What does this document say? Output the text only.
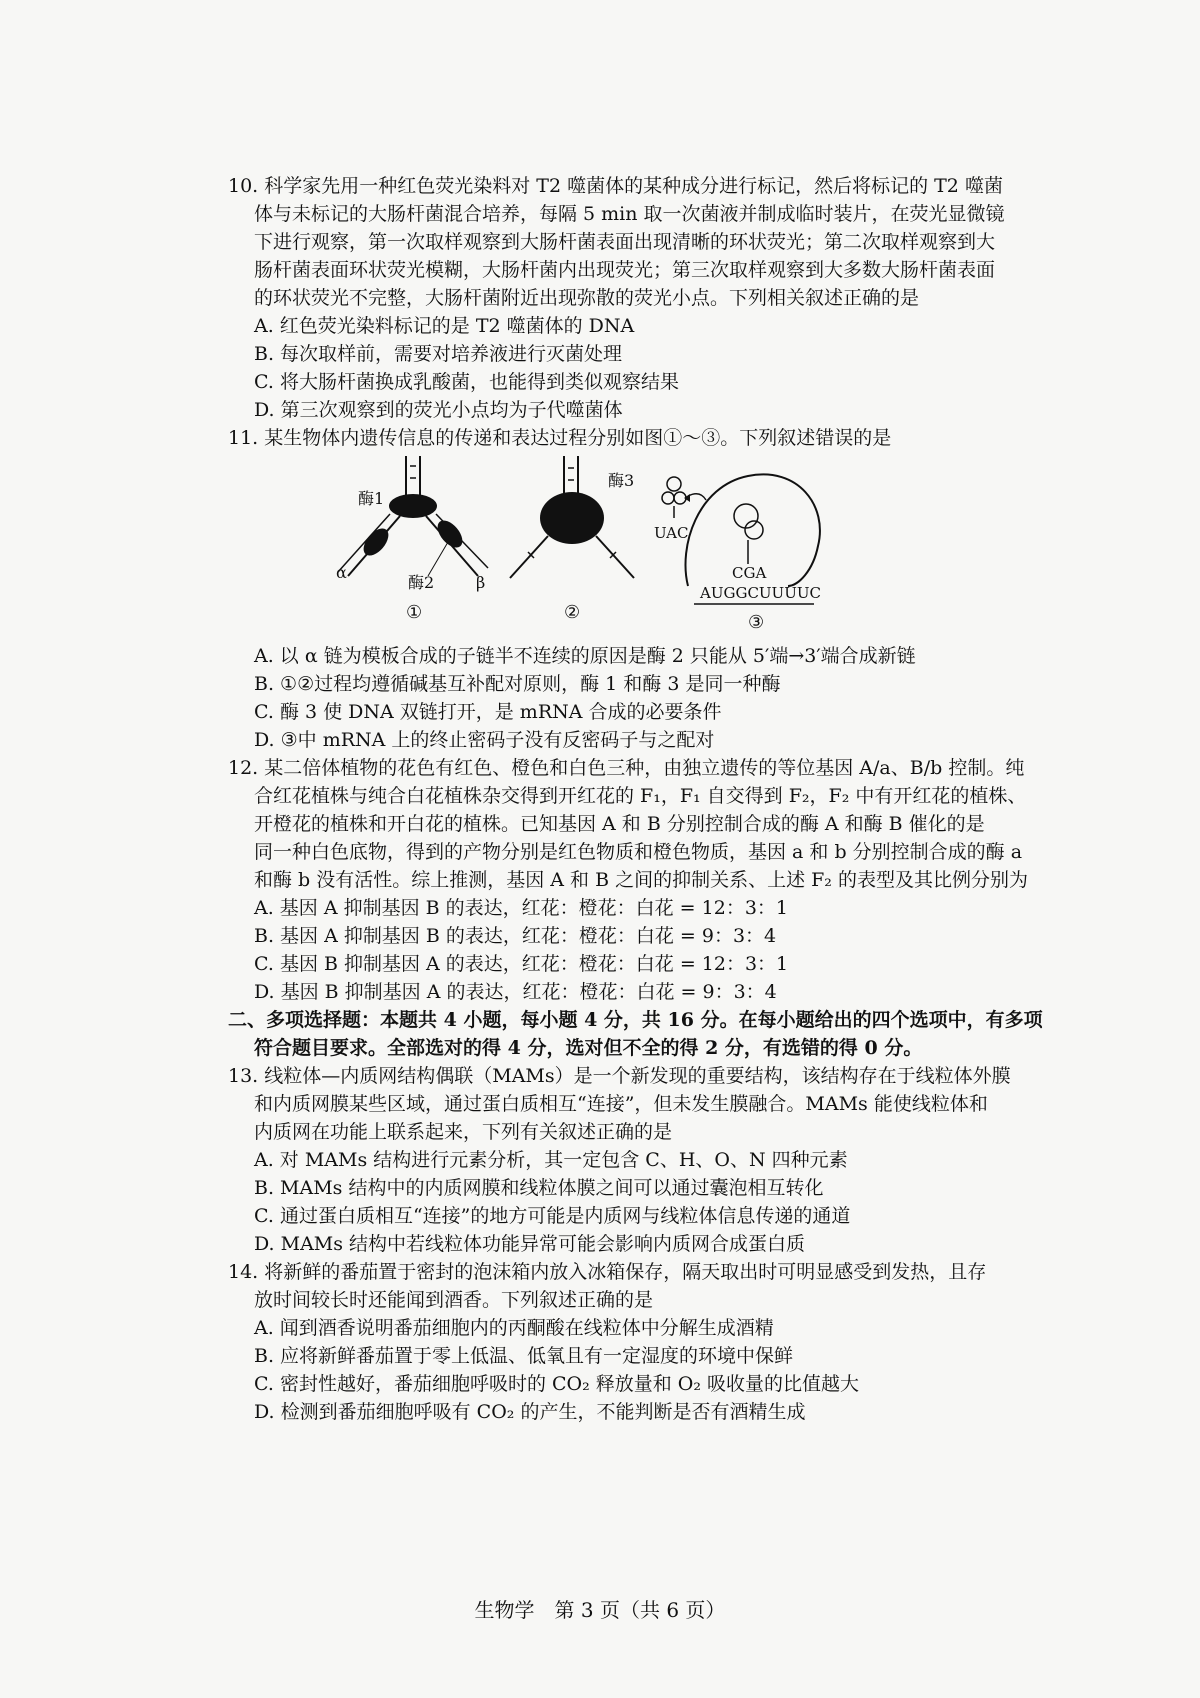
10. 科学家先用一种红色荧光染料对 T2 噬菌体的某种成分进行标记，然后将标记的 T2 噬菌
体与未标记的大肠杆菌混合培养，每隔 5 min 取一次菌液并制成临时装片，在荧光显微镜
下进行观察，第一次取样观察到大肠杆菌表面出现清晰的环状荧光；第二次取样观察到大
肠杆菌表面环状荧光模糊，大肠杆菌内出现荧光；第三次取样观察到大多数大肠杆菌表面
的环状荧光不完整，大肠杆菌附近出现弥散的荧光小点。下列相关叙述正确的是
A. 红色荧光染料标记的是 T2 噬菌体的 DNA
B. 每次取样前，需要对培养液进行灭菌处理
C. 将大肠杆菌换成乳酸菌，也能得到类似观察结果
D. 第三次观察到的荧光小点均为子代噬菌体
11. 某生物体内遗传信息的传递和表达过程分别如图①～③。下列叙述错误的是
酶1
α
β
酶2
①
酶3
②
UAC
CGA
AUGGCUUUUC
③
A. 以 α 链为模板合成的子链半不连续的原因是酶 2 只能从 5′端→3′端合成新链
B. ①②过程均遵循碱基互补配对原则，酶 1 和酶 3 是同一种酶
C. 酶 3 使 DNA 双链打开，是 mRNA 合成的必要条件
D. ③中 mRNA 上的终止密码子没有反密码子与之配对
12. 某二倍体植物的花色有红色、橙色和白色三种，由独立遗传的等位基因 A/a、B/b 控制。纯
合红花植株与纯合白花植株杂交得到开红花的 F₁，F₁ 自交得到 F₂，F₂ 中有开红花的植株、
开橙花的植株和开白花的植株。已知基因 A 和 B 分别控制合成的酶 A 和酶 B 催化的是
同一种白色底物，得到的产物分别是红色物质和橙色物质，基因 a 和 b 分别控制合成的酶 a
和酶 b 没有活性。综上推测，基因 A 和 B 之间的抑制关系、上述 F₂ 的表型及其比例分别为
A. 基因 A 抑制基因 B 的表达，红花：橙花：白花 = 12：3：1
B. 基因 A 抑制基因 B 的表达，红花：橙花：白花 = 9：3：4
C. 基因 B 抑制基因 A 的表达，红花：橙花：白花 = 12：3：1
D. 基因 B 抑制基因 A 的表达，红花：橙花：白花 = 9：3：4
二、多项选择题：本题共 4 小题，每小题 4 分，共 16 分。在每小题给出的四个选项中，有多项
符合题目要求。全部选对的得 4 分，选对但不全的得 2 分，有选错的得 0 分。
13. 线粒体—内质网结构偶联（MAMs）是一个新发现的重要结构，该结构存在于线粒体外膜
和内质网膜某些区域，通过蛋白质相互“连接”，但未发生膜融合。MAMs 能使线粒体和
内质网在功能上联系起来，下列有关叙述正确的是
A. 对 MAMs 结构进行元素分析，其一定包含 C、H、O、N 四种元素
B. MAMs 结构中的内质网膜和线粒体膜之间可以通过囊泡相互转化
C. 通过蛋白质相互“连接”的地方可能是内质网与线粒体信息传递的通道
D. MAMs 结构中若线粒体功能异常可能会影响内质网合成蛋白质
14. 将新鲜的番茄置于密封的泡沫箱内放入冰箱保存，隔天取出时可明显感受到发热，且存
放时间较长时还能闻到酒香。下列叙述正确的是
A. 闻到酒香说明番茄细胞内的丙酮酸在线粒体中分解生成酒精
B. 应将新鲜番茄置于零上低温、低氧且有一定湿度的环境中保鲜
C. 密封性越好，番茄细胞呼吸时的 CO₂ 释放量和 O₂ 吸收量的比值越大
D. 检测到番茄细胞呼吸有 CO₂ 的产生，不能判断是否有酒精生成
生物学　第 3 页（共 6 页）
